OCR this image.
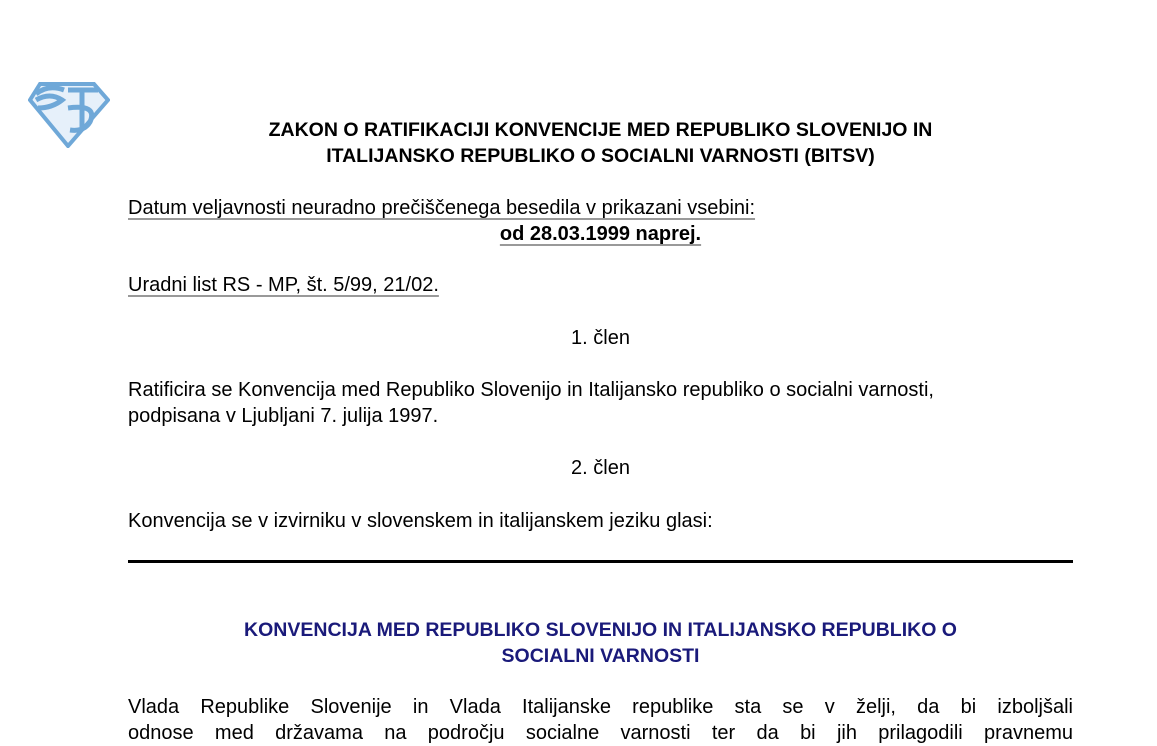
ZAKON O RATIFIKACIJI KONVENCIJE MED REPUBLIKO SLOVENIJO IN
ITALIJANSKO REPUBLIKO O SOCIALNI VARNOSTI (BITSV)
Datum veljavnosti neuradno prečiščenega besedila v prikazani vsebini:
od 28.03.1999 naprej.
Uradni list RS - MP, št. 5/99, 21/02.
1. člen
Ratificira se Konvencija med Republiko Slovenijo in Italijansko republiko o socialni varnosti,
podpisana v Ljubljani 7. julija 1997.
2. člen
Konvencija se v izvirniku v slovenskem in italijanskem jeziku glasi:
KONVENCIJA MED REPUBLIKO SLOVENIJO IN ITALIJANSKO REPUBLIKO O
SOCIALNI VARNOSTI
Vlada Republike Slovenije in Vlada Italijanske republike sta se v želji, da bi izboljšali
odnose med državama na področju socialne varnosti ter da bi jih prilagodili pravnemu
